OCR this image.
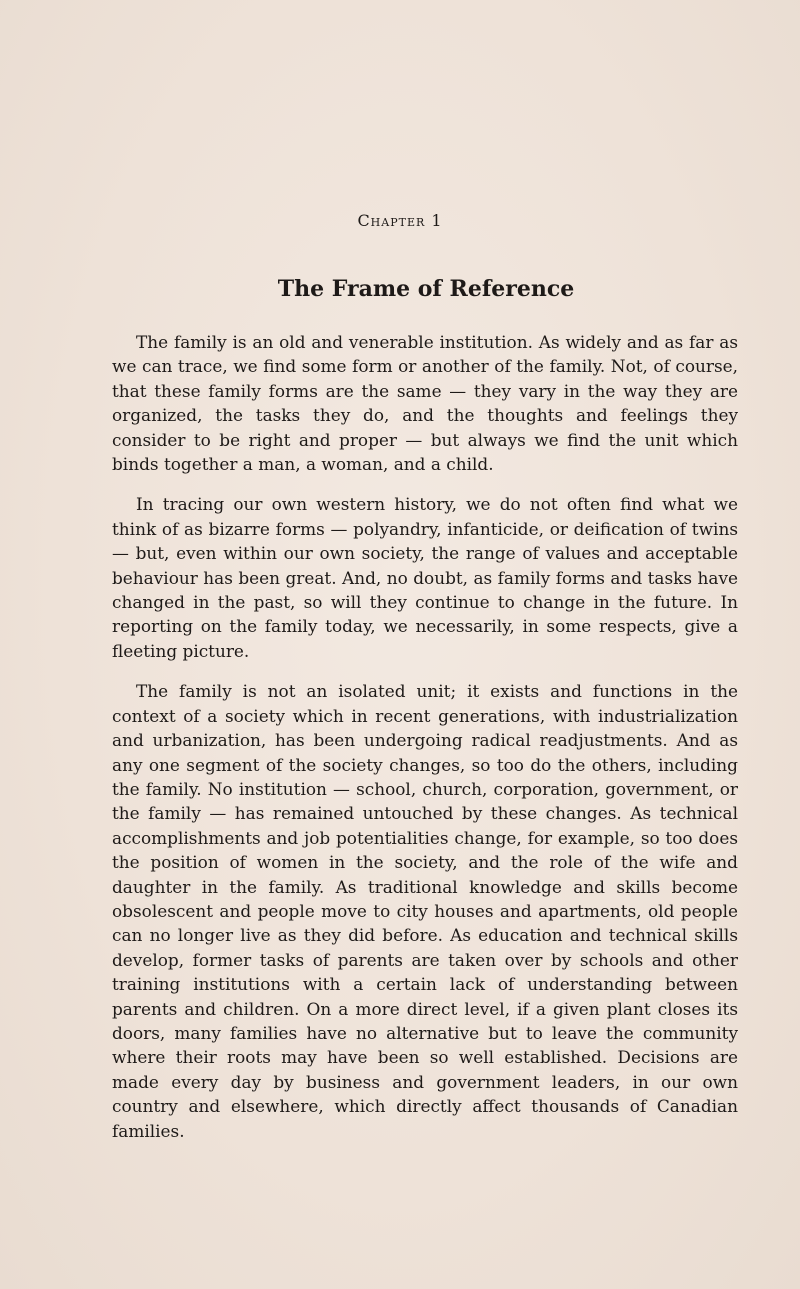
Chapter 1
The Frame of Reference

The family is an old and venerable institution. As widely and as far as we can trace, we find some form or another of the family. Not, of course, that these family forms are the same — they vary in the way they are organized, the tasks they do, and the thoughts and feelings they consider to be right and proper — but always we find the unit which binds together a man, a woman, and a child.

In tracing our own western history, we do not often find what we think of as bizarre forms — polyandry, infanticide, or deification of twins — but, even within our own society, the range of values and acceptable behaviour has been great. And, no doubt, as family forms and tasks have changed in the past, so will they continue to change in the future. In reporting on the family today, we necessarily, in some respects, give a fleeting picture.

The family is not an isolated unit; it exists and functions in the context of a society which in recent generations, with industrialization and urbanization, has been undergoing radical readjustments. And as any one segment of the society changes, so too do the others, including the family. No institution — school, church, corporation, government, or the family — has remained untouched by these changes. As technical accomplishments and job potentialities change, for example, so too does the position of women in the society, and the role of the wife and daughter in the family. As traditional knowledge and skills become obsolescent and people move to city houses and apartments, old people can no longer live as they did before. As education and technical skills develop, former tasks of parents are taken over by schools and other training institutions with a certain lack of understanding between parents and children. On a more direct level, if a given plant closes its doors, many families have no alternative but to leave the community where their roots may have been so well established. Decisions are made every day by business and government leaders, in our own country and elsewhere, which directly affect thousands of Canadian families.
